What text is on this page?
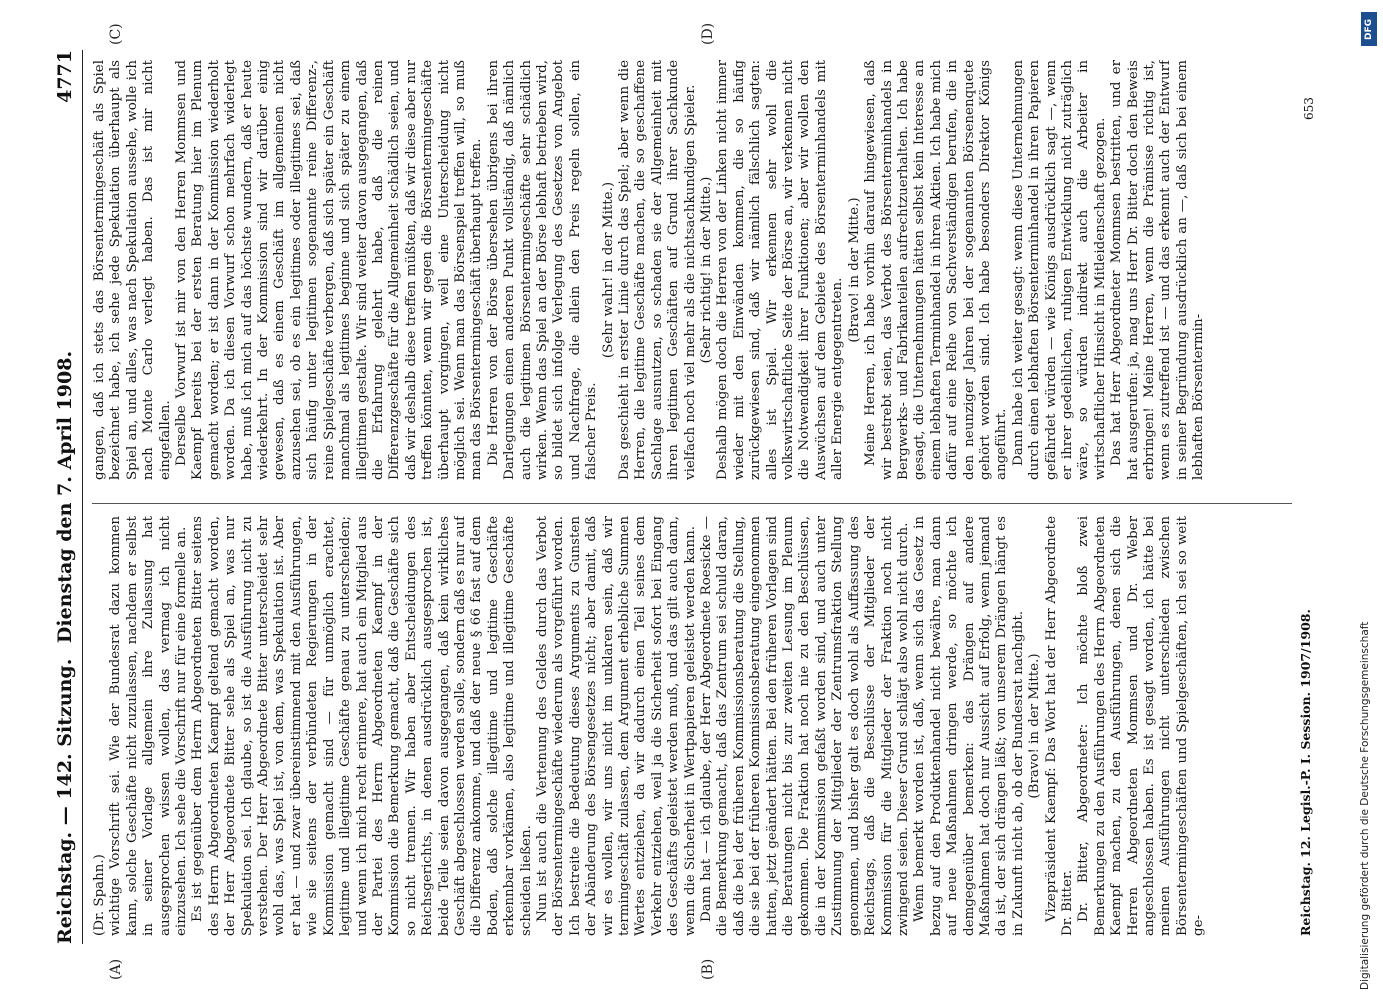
Reichstag. — 142. Sitzung.
Dienstag den 7. April 1908.
4771
(A)	(B)
(C)	(D)

(Dr. Spahn.) wichtige Vorschrift sei. Wie der Bundesrat dazu kommen kann, solche Geschäfte nicht zuzulassen, nachdem er selbst in seiner Vorlage allgemein ihre Zulassung hat ausgesprochen wissen wollen, das vermag ich nicht einzusehen. Ich sehe die Vorschrift nur für eine formelle an. Es ist gegenüber dem Herrn Abgeordneten Bitter seitens des Herrn Abgeordneten Kaempf geltend gemacht worden, der Herr Abgeordnete Bitter sehe als Spiel an, was nur Spekulation sei. Ich glaube, so ist die Ausführung nicht zu verstehen. Der Herr Abgeordnete Bitter unterscheidet sehr wohl das, was Spiel ist, von dem, was Spekulation ist. Aber er hat — und zwar übereinstimmend mit den Ausführungen, wie sie seitens der verbündeten Regierungen in der Kommission gemacht sind — für unmöglich erachtet, legitime und illegitime Geschäfte genau zu unterscheiden; und wenn ich mich recht erinnere, hat auch ein Mitglied aus der Partei des Herrn Abgeordneten Kaempf in der Kommission die Bemerkung gemacht, daß die Geschäfte sich so nicht trennen. Wir haben aber Entscheidungen des Reichsgerichts, in denen ausdrücklich ausgesprochen ist, beide Teile seien davon ausgegangen, daß kein wirkliches Geschäft abgeschlossen werden solle, sondern daß es nur auf die Differenz ankomme, und daß der neue § 66 fast auf dem Boden, daß solche illegitime und legitime Geschäfte erkennbar vorkämen, also legitime und illegitime Geschäfte scheiden ließen. Nun ist auch die Vertenung des Geldes durch das Verbot der Börsentermingeschäfte wiederum als vorgeführt worden. Ich bestreite die Bedeutung dieses Arguments zu Gunsten der Abänderung des Börsengesetzes nicht; aber damit, daß wir es wollen, wir uns nicht im unklaren sein, daß wir termingeschäft zulassen, dem Argument erhebliche Summen Wertes entziehen, da wir dadurch einen Teil seines dem Verkehr entziehen, weil ja die Sicherheit sofort bei Eingang des Geschäfts geleistet werden muß, und das gilt auch dann, wenn die Sicherheit in Wertpapieren geleistet werden kann. Dann hat — ich glaube, der Herr Abgeordnete Roesicke — die Bemerkung gemacht, daß das Zentrum sei schuld daran, daß die bei der früheren Kommissionsberatung die Stellung, die sie bei der früheren Kommissionsberatung eingenommen hatten, jetzt geändert hätten. Bei den früheren Vorlagen sind die Beratungen nicht bis zur zweiten Lesung im Plenum gekommen. Die Fraktion hat noch nie zu den Beschlüssen, die in der Kommission gefaßt worden sind, und auch unter Zustimmung der Mitglieder der Zentrumsfraktion Stellung genommen, und bisher galt es doch wohl als Auffassung des Reichstags, daß die Beschlüsse der Mitglieder der Kommission für die Mitglieder der Fraktion noch nicht zwingend seien. Dieser Grund schlägt also wohl nicht durch. Wenn bemerkt worden ist, daß, wenn sich das Gesetz in bezug auf den Produktenhandel nicht bewähre, man dann auf neue Maßnahmen dringen werde, so möchte ich demgegenüber bemerken: das Drängen auf andere Maßnahmen hat doch nur Aussicht auf Erfolg, wenn jemand da ist, der sich drängen läßt; von unserem Drängen hängt es in Zukunft nicht ab, ob der Bundesrat nachgibt. (Bravo! in der Mitte.) Vizepräsident Kaempf: Das Wort hat der Herr Abgeordnete Dr. Bitter. Dr. Bitter, Abgeordneter: Ich möchte bloß zwei Bemerkungen zu den Ausführungen des Herrn Abgeordneten Kaempf machen, zu den Ausführungen, denen sich die Herren Abgeordneten Mommsen und Dr. Weber angeschlossen haben. Es ist gesagt worden, ich hätte bei meinen Ausführungen nicht unterschieden zwischen Börsentermingeschäften und Spielgeschäften, ich sei so weit ge-

gangen, daß ich stets das Börsentermingeschäft als Spiel bezeichnet habe, ich sehe jede Spekulation überhaupt als Spiel an, und alles, was nach Spekulation aussehe, wolle ich nach Monte Carlo verlegt haben. Das ist mir nicht eingefallen. Derselbe Vorwurf ist mir von den Herren Mommsen und Kaempf bereits bei der ersten Beratung hier im Plenum gemacht worden; er ist dann in der Kommission wiederholt worden. Da ich diesen Vorwurf schon mehrfach widerlegt habe, muß ich mich auf das höchste wundern, daß er heute wiederkehrt. In der Kommission sind wir darüber einig gewesen, daß es einem Geschäft im allgemeinen nicht anzusehen sei, ob es ein legitimes oder illegitimes sei, daß sich häufig unter legitimen sogenannte reine Differenz-, reine Spielgeschäfte verbergen, daß sich später ein Geschäft manchmal als legitimes beginne und sich später zu einem illegitimen gestalte. Wir sind weiter davon ausgegangen, daß die Erfahrung gelehrt habe, daß die reinen Differenzgeschäfte für die Allgemeinheit schädlich seien, und daß wir deshalb diese treffen müßten, daß wir diese aber nur treffen könnten, wenn wir gegen die Börsentermingeschäfte überhaupt vorgingen, weil eine Unterscheidung nicht möglich sei. Wenn man das Börsenspiel treffen will, so muß man das Börsentermingeschäft überhaupt treffen. Die Herren von der Börse übersehen übrigens bei ihren Darlegungen einen anderen Punkt vollständig, daß nämlich auch die legitimen Börsentermingeschäfte sehr schädlich wirken. Wenn das Spiel an der Börse lebhaft betrieben wird, so bildet sich infolge Verlegung des Gesetzes von Angebot und Nachfrage, die allein den Preis regeln sollen, ein falscher Preis.

(Sehr wahr! in der Mitte.) Das geschieht in erster Linie durch das Spiel; aber wenn die Herren, die legitime Geschäfte machen, die so geschaffene Sachlage ausnutzen, so schaden sie der Allgemeinheit mit ihren legitimen Geschäften auf Grund ihrer Sachkunde vielfach noch viel mehr als die nichtsachkundigen Spieler. (Sehr richtig! in der Mitte.) Deshalb mögen doch die Herren von der Linken nicht immer wieder mit den Einwänden kommen, die so häufig zurückgewiesen sind, daß wir nämlich fälschlich sagten: alles ist Spiel. Wir erkennen sehr wohl die volkswirtschaftliche Seite der Börse an, wir verkennen nicht die Notwendigkeit ihrer Funktionen; aber wir wollen den Auswüchsen auf dem Gebiete des Börsenterminhandels mit aller Energie entgegentreten.

(Bravo! in der Mitte.) Meine Herren, ich habe vorhin darauf hingewiesen, daß wir bestrebt seien, das Verbot des Börsenterminhandels in Bergwerks- und Fabrikanteilen aufrechtzuerhalten. Ich habe gesagt, die Unternehmungen hätten selbst kein Interesse an einem lebhaften Terminhandel in ihren Aktien. Ich habe mich dafür auf eine Reihe von Sachverständigen berufen, die in den neunziger Jahren bei der sogenannten Börsenenquete gehört worden sind. Ich habe besonders Direktor Königs angeführt. Dann habe ich weiter gesagt: wenn diese Unternehmungen durch einen lebhaften Börsenterminhandel in ihren Papieren gefährdet würden — wie Königs ausdrücklich sagt —, wenn er ihrer gedeihlichen, ruhigen Entwicklung nicht zuträglich wäre, so würden indirekt auch die Arbeiter in wirtschaftlicher Hinsicht in Mitleidenschaft gezogen. Das hat Herr Abgeordneter Mommsen bestritten, und er hat ausgerufen: ja, mag uns Herr Dr. Bitter doch den Beweis erbringen! Meine Herren, wenn die Prämisse richtig ist, wenn es zutreffend ist — und das erkennt auch der Entwurf in seiner Begründung ausdrücklich an —, daß sich bei einem lebhaften Börsentermin-

Reichstag. 12. Legisl.-P. I. Session. 1907/1908.
653
DFG
Digitalisierung gefördert durch die Deutsche Forschungsgemeinschaft
